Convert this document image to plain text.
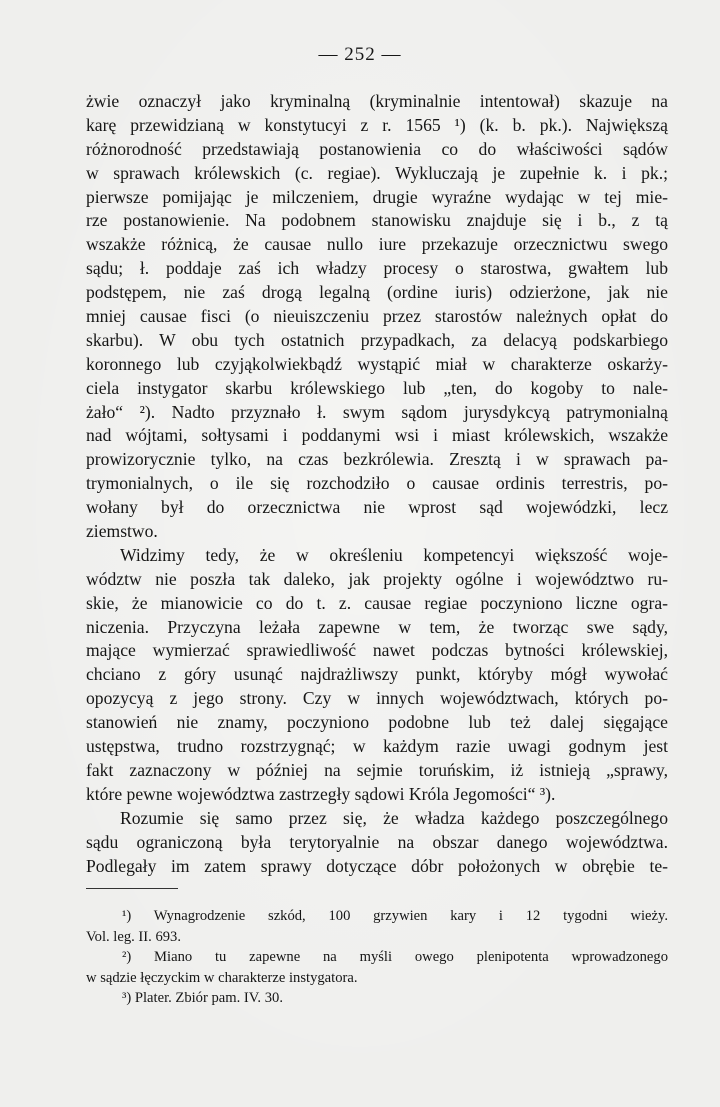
— 252 —
żwie oznaczył jako kryminalną (kryminalnie intentował) skazuje na
karę przewidzianą w konstytucyi z r. 1565 ¹) (k. b. pk.). Największą
różnorodność przedstawiają postanowienia co do właściwości sądów
w sprawach królewskich (c. regiae). Wykluczają je zupełnie k. i pk.;
pierwsze pomijając je milczeniem, drugie wyraźne wydając w tej mie-
rze postanowienie. Na podobnem stanowisku znajduje się i b., z tą
wszakże różnicą, że causae nullo iure przekazuje orzecznictwu swego
sądu; ł. poddaje zaś ich władzy procesy o starostwa, gwałtem lub
podstępem, nie zaś drogą legalną (ordine iuris) odzierżone, jak nie
mniej causae fisci (o nieuiszczeniu przez starostów należnych opłat do
skarbu). W obu tych ostatnich przypadkach, za delacyą podskarbiego
koronnego lub czyjąkolwiekbądź wystąpić miał w charakterze oskarży-
ciela instygator skarbu królewskiego lub „ten, do kogoby to nale-
żało“ ²). Nadto przyznało ł. swym sądom jurysdykcyą patrymonialną
nad wójtami, sołtysami i poddanymi wsi i miast królewskich, wszakże
prowizorycznie tylko, na czas bezkrólewia. Zresztą i w sprawach pa-
trymonialnych, o ile się rozchodziło o causae ordinis terrestris, po-
wołany był do orzecznictwa nie wprost sąd wojewódzki, lecz
ziemstwo.
Widzimy tedy, że w określeniu kompetencyi większość woje-
wództw nie poszła tak daleko, jak projekty ogólne i województwo ru-
skie, że mianowicie co do t. z. causae regiae poczyniono liczne ogra-
niczenia. Przyczyna leżała zapewne w tem, że tworząc swe sądy,
mające wymierzać sprawiedliwość nawet podczas bytności królewskiej,
chciano z góry usunąć najdrażliwszy punkt, któryby mógł wywołać
opozycyą z jego strony. Czy w innych województwach, których po-
stanowień nie znamy, poczyniono podobne lub też dalej sięgające
ustępstwa, trudno rozstrzygnąć; w każdym razie uwagi godnym jest
fakt zaznaczony w później na sejmie toruńskim, iż istnieją „sprawy,
które pewne województwa zastrzegły sądowi Króla Jegomości“ ³).
Rozumie się samo przez się, że władza każdego poszczególnego
sądu ograniczoną była terytoryalnie na obszar danego województwa.
Podlegały im zatem sprawy dotyczące dóbr położonych w obrębie te-
¹) Wynagrodzenie szkód, 100 grzywien kary i 12 tygodni wieży.
Vol. leg. II. 693.
²) Miano tu zapewne na myśli owego plenipotenta wprowadzonego
w sądzie łęczyckim w charakterze instygatora.
³) Plater. Zbiór pam. IV. 30.
